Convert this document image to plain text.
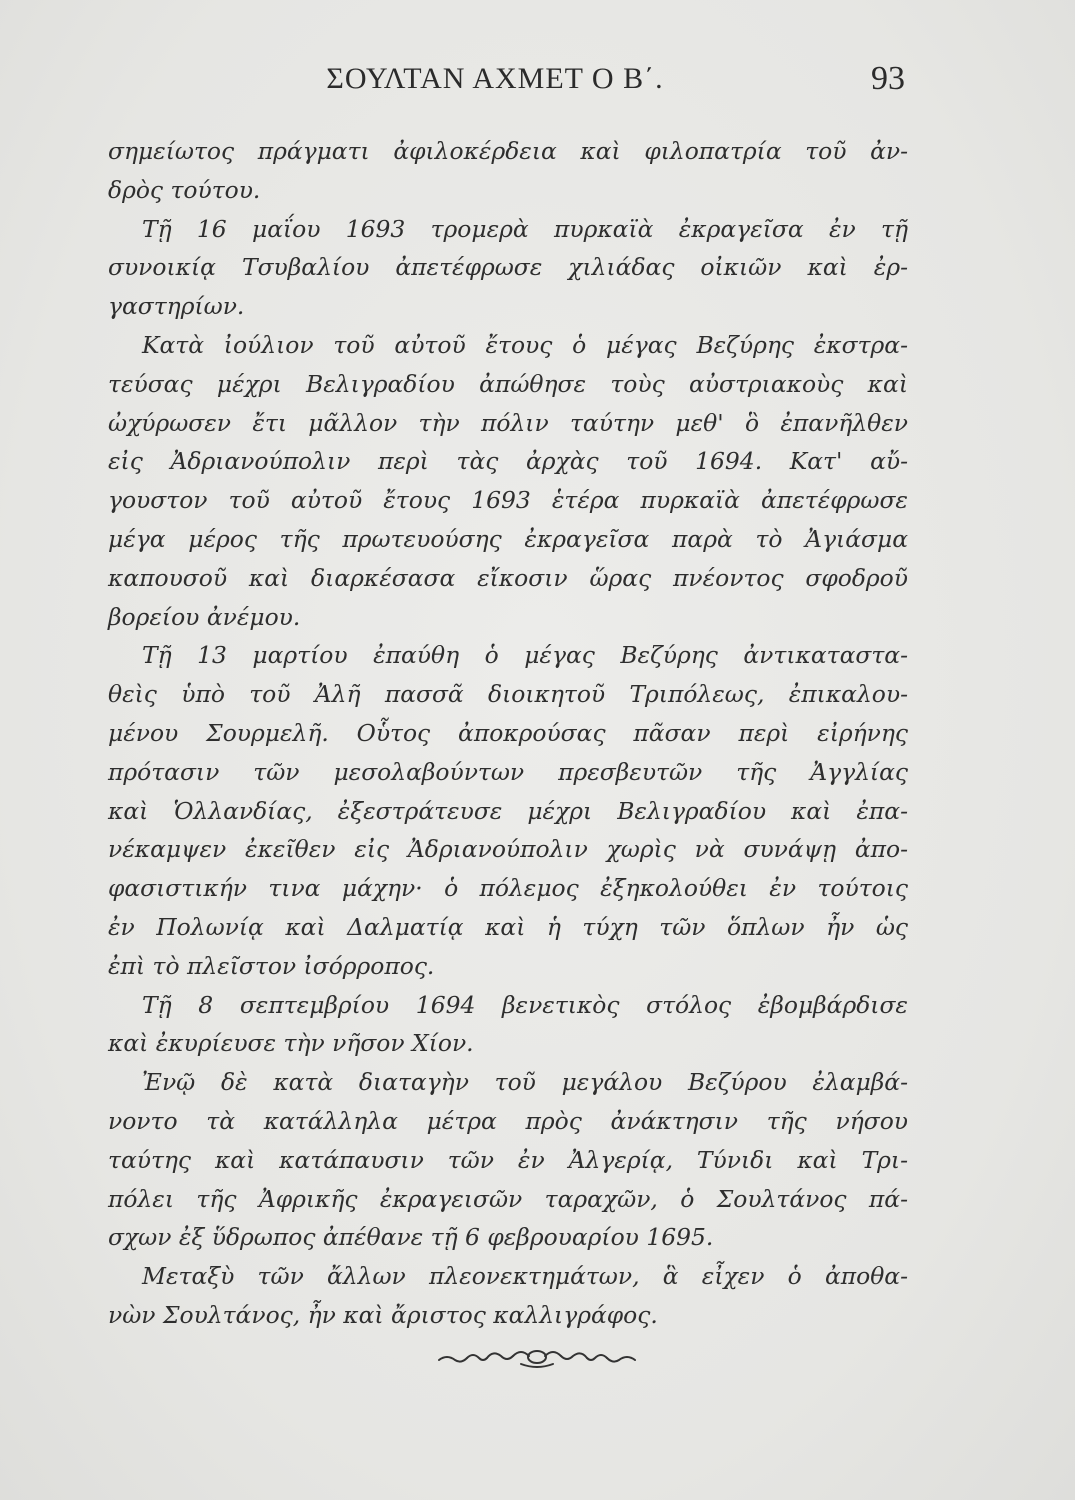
ΣΟΥΛΤΑΝ ΑΧΜΕΤ Ο Β΄.	93
σημείωτος πράγματι ἀφιλοκέρδεια καὶ φιλοπατρία τοῦ ἀν-
δρὸς τούτου.
Τῇ 16 μαΐου 1693 τρομερὰ πυρκαϊὰ ἐκραγεῖσα ἐν τῇ
συνοικίᾳ Τσυβαλίου ἀπετέφρωσε χιλιάδας οἰκιῶν καὶ ἐρ-
γαστηρίων.
Κατὰ ἰούλιον τοῦ αὐτοῦ ἔτους ὁ μέγας Βεζύρης ἐκστρα-
τεύσας μέχρι Βελιγραδίου ἀπώθησε τοὺς αὐστριακοὺς καὶ
ὠχύρωσεν ἔτι μᾶλλον τὴν πόλιν ταύτην μεθ' ὃ ἐπανῆλθεν
εἰς Ἀδριανούπολιν περὶ τὰς ἀρχὰς τοῦ 1694. Κατ' αὔ-
γουστον τοῦ αὐτοῦ ἔτους 1693 ἑτέρα πυρκαϊὰ ἀπετέφρωσε
μέγα μέρος τῆς πρωτευούσης ἐκραγεῖσα παρὰ τὸ Ἀγιάσμα
καπουσοῦ καὶ διαρκέσασα εἴκοσιν ὥρας πνέοντος σφοδροῦ
βορείου ἀνέμου.
Τῇ 13 μαρτίου ἐπαύθη ὁ μέγας Βεζύρης ἀντικαταστα-
θεὶς ὑπὸ τοῦ Ἀλῆ πασσᾶ διοικητοῦ Τριπόλεως, ἐπικαλου-
μένου Σουρμελῆ. Οὗτος ἀποκρούσας πᾶσαν περὶ εἰρήνης
πρότασιν τῶν μεσολαβούντων πρεσβευτῶν τῆς Ἀγγλίας
καὶ Ὁλλανδίας, ἐξεστράτευσε μέχρι Βελιγραδίου καὶ ἐπα-
νέκαμψεν ἐκεῖθεν εἰς Ἀδριανούπολιν χωρὶς νὰ συνάψῃ ἀπο-
φασιστικήν τινα μάχην· ὁ πόλεμος ἐξηκολούθει ἐν τούτοις
ἐν Πολωνίᾳ καὶ Δαλματίᾳ καὶ ἡ τύχη τῶν ὅπλων ἦν ὡς
ἐπὶ τὸ πλεῖστον ἰσόρροπος.
Τῇ 8 σεπτεμβρίου 1694 βενετικὸς στόλος ἐβομβάρδισε
καὶ ἐκυρίευσε τὴν νῆσον Χίον.
Ἐνῷ δὲ κατὰ διαταγὴν τοῦ μεγάλου Βεζύρου ἐλαμβά-
νοντο τὰ κατάλληλα μέτρα πρὸς ἀνάκτησιν τῆς νήσου
ταύτης καὶ κατάπαυσιν τῶν ἐν Ἀλγερίᾳ, Τύνιδι καὶ Τρι-
πόλει τῆς Ἀφρικῆς ἐκραγεισῶν ταραχῶν, ὁ Σουλτάνος πά-
σχων ἐξ ὕδρωπος ἀπέθανε τῇ 6 φεβρουαρίου 1695.
Μεταξὺ τῶν ἄλλων πλεονεκτημάτων, ἃ εἶχεν ὁ ἀποθα-
νὼν Σουλτάνος, ἦν καὶ ἄριστος καλλιγράφος.
